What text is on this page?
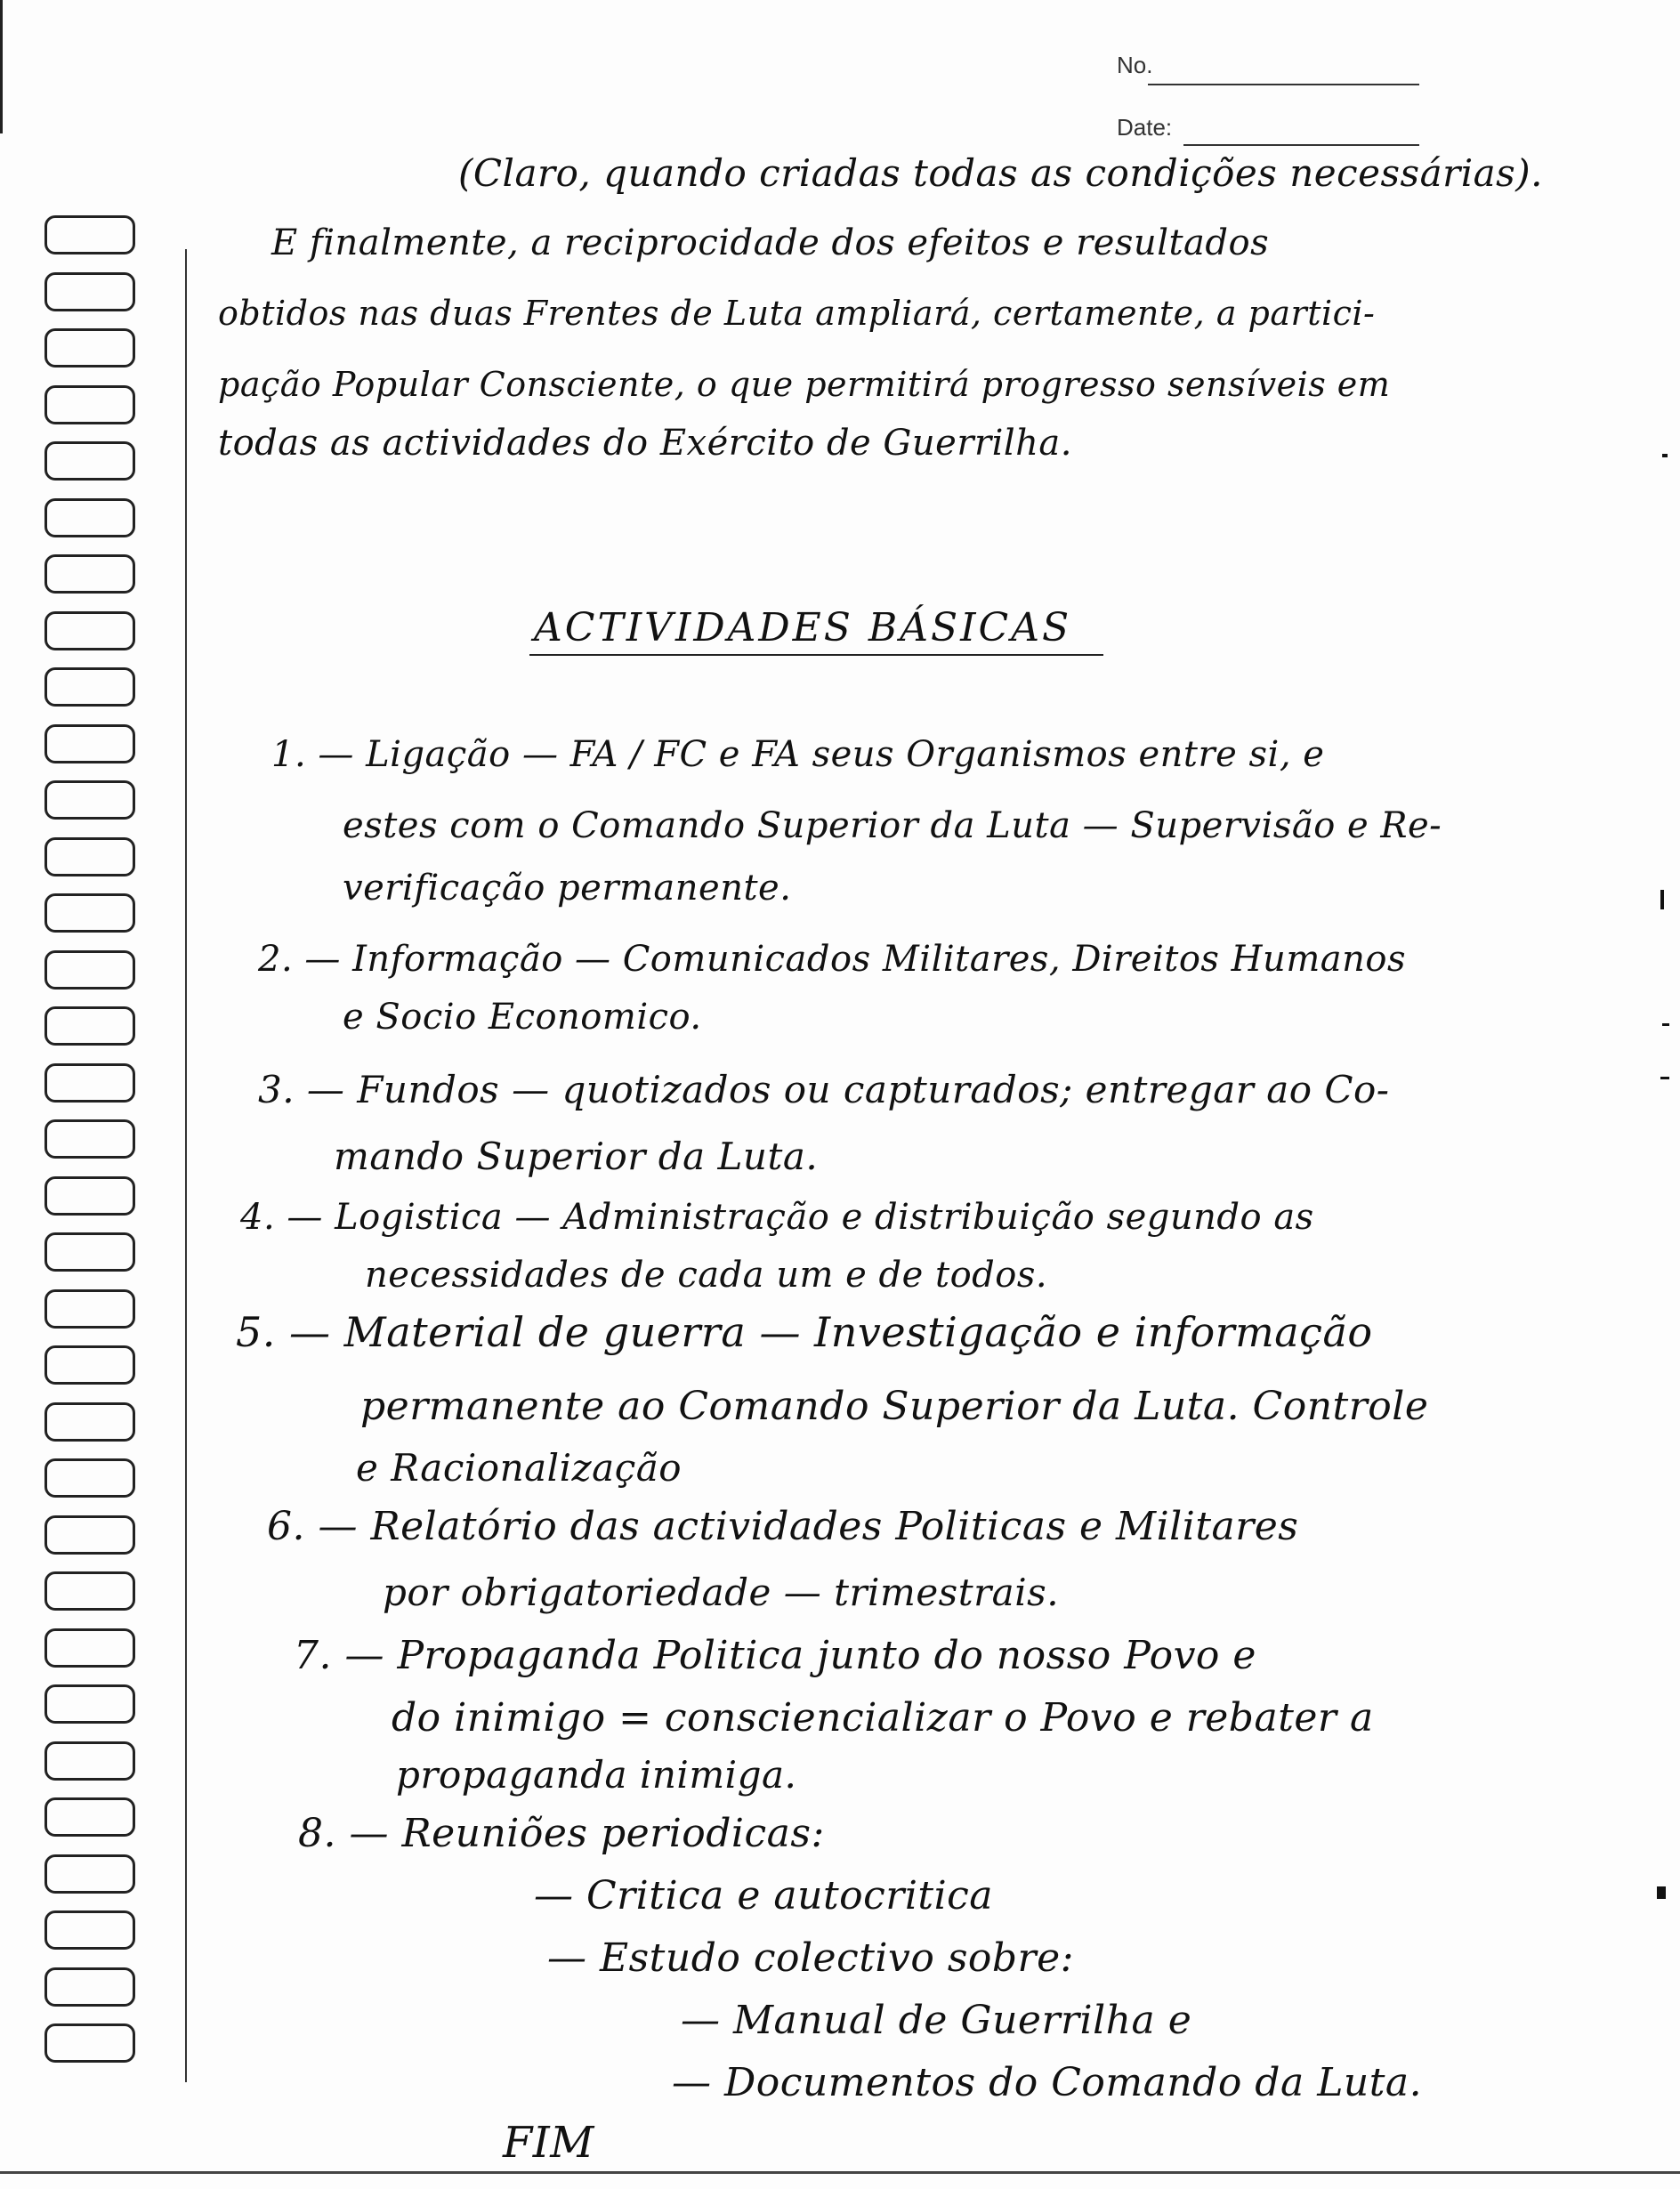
No.
Date:
(Claro, quando criadas todas as condições necessárias).
E finalmente, a reciprocidade dos efeitos e resultados
obtidos nas duas Frentes de Luta ampliará, certamente, a partici-
pação Popular Consciente, o que permitirá progresso sensíveis em
todas as actividades do Exército de Guerrilha.
ACTIVIDADES BÁSICAS
1. — Ligação — FA / FC e FA seus Organismos entre si, e
estes com o Comando Superior da Luta — Supervisão e Re-
verificação permanente.
2. — Informação — Comunicados Militares, Direitos Humanos
e Socio Economico.
3. — Fundos — quotizados ou capturados; entregar ao Co-
mando Superior da Luta.
4. — Logistica — Administração e distribuição segundo as
necessidades de cada um e de todos.
5. — Material de guerra — Investigação e informação
permanente ao Comando Superior da Luta. Controle
e Racionalização
6. — Relatório das actividades Politicas e Militares
por obrigatoriedade — trimestrais.
7. — Propaganda Politica junto do nosso Povo e
do inimigo = consciencializar o Povo e rebater a
propaganda inimiga.
8. — Reuniões periodicas:
— Critica e autocritica
— Estudo colectivo sobre:
— Manual de Guerrilha e
— Documentos do Comando da Luta.
FIM
